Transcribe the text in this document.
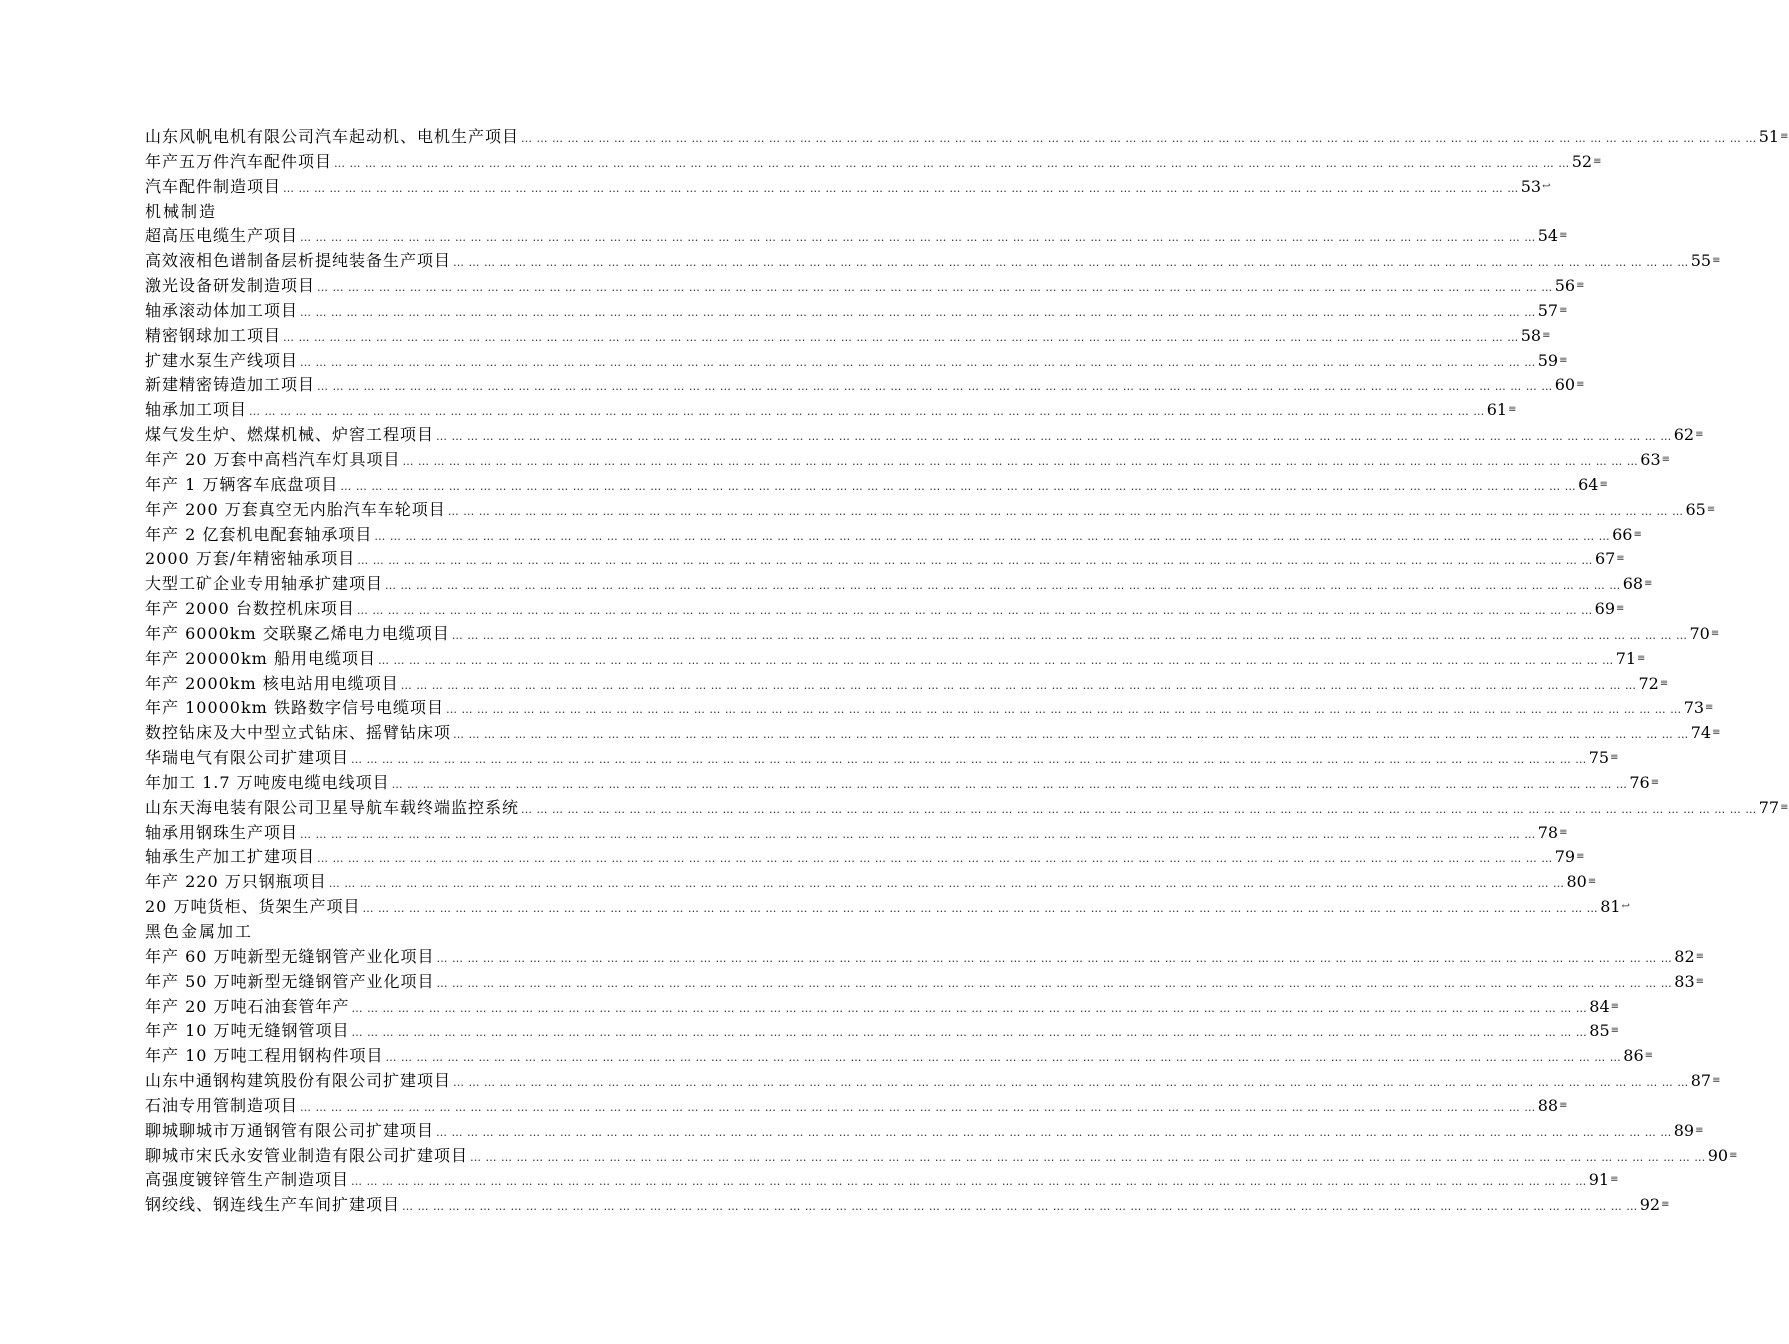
山东风帆电机有限公司汽车起动机、电机生产项目 … … … … … … … … … … … … … … … … … … … … … … … … … … … … … … … … … … … … … … … … … … … … … … … … … … … … … … … … … … … … … … … … … … … … … … … … … … … … … … … … 51 ≡
年产五万件汽车配件项目 … … … … … … … … … … … … … … … … … … … … … … … … … … … … … … … … … … … … … … … … … … … … … … … … … … … … … … … … … … … … … … … … … … … … … … … … … … … … … … … … 52 ≡
汽车配件制造项目 … … … … … … … … … … … … … … … … … … … … … … … … … … … … … … … … … … … … … … … … … … … … … … … … … … … … … … … … … … … … … … … … … … … … … … … … … … … … … … … … 53 ↩
机械制造
超高压电缆生产项目 … … … … … … … … … … … … … … … … … … … … … … … … … … … … … … … … … … … … … … … … … … … … … … … … … … … … … … … … … … … … … … … … … … … … … … … … … … … … … … … … 54 ≡
高效液相色谱制备层析提纯装备生产项目 … … … … … … … … … … … … … … … … … … … … … … … … … … … … … … … … … … … … … … … … … … … … … … … … … … … … … … … … … … … … … … … … … … … … … … … … … … … … … … … … 55 ≡
激光设备研发制造项目 … … … … … … … … … … … … … … … … … … … … … … … … … … … … … … … … … … … … … … … … … … … … … … … … … … … … … … … … … … … … … … … … … … … … … … … … … … … … … … … … 56 ≡
轴承滚动体加工项目 … … … … … … … … … … … … … … … … … … … … … … … … … … … … … … … … … … … … … … … … … … … … … … … … … … … … … … … … … … … … … … … … … … … … … … … … … … … … … … … … 57 ≡
精密钢球加工项目 … … … … … … … … … … … … … … … … … … … … … … … … … … … … … … … … … … … … … … … … … … … … … … … … … … … … … … … … … … … … … … … … … … … … … … … … … … … … … … … … 58 ≡
扩建水泵生产线项目 … … … … … … … … … … … … … … … … … … … … … … … … … … … … … … … … … … … … … … … … … … … … … … … … … … … … … … … … … … … … … … … … … … … … … … … … … … … … … … … … 59 ≡
新建精密铸造加工项目 … … … … … … … … … … … … … … … … … … … … … … … … … … … … … … … … … … … … … … … … … … … … … … … … … … … … … … … … … … … … … … … … … … … … … … … … … … … … … … … … 60 ≡
轴承加工项目 … … … … … … … … … … … … … … … … … … … … … … … … … … … … … … … … … … … … … … … … … … … … … … … … … … … … … … … … … … … … … … … … … … … … … … … … … … … … … … … … 61 ≡
煤气发生炉、燃煤机械、炉窖工程项目 … … … … … … … … … … … … … … … … … … … … … … … … … … … … … … … … … … … … … … … … … … … … … … … … … … … … … … … … … … … … … … … … … … … … … … … … … … … … … … … … 62 ≡
年产 20 万套中高档汽车灯具项目 … … … … … … … … … … … … … … … … … … … … … … … … … … … … … … … … … … … … … … … … … … … … … … … … … … … … … … … … … … … … … … … … … … … … … … … … … … … … … … … … 63 ≡
年产 1 万辆客车底盘项目 … … … … … … … … … … … … … … … … … … … … … … … … … … … … … … … … … … … … … … … … … … … … … … … … … … … … … … … … … … … … … … … … … … … … … … … … … … … … … … … … 64 ≡
年产 200 万套真空无内胎汽车车轮项目 … … … … … … … … … … … … … … … … … … … … … … … … … … … … … … … … … … … … … … … … … … … … … … … … … … … … … … … … … … … … … … … … … … … … … … … … … … … … … … … … 65 ≡
年产 2 亿套机电配套轴承项目 … … … … … … … … … … … … … … … … … … … … … … … … … … … … … … … … … … … … … … … … … … … … … … … … … … … … … … … … … … … … … … … … … … … … … … … … … … … … … … … … 66 ≡
2000 万套/年精密轴承项目 … … … … … … … … … … … … … … … … … … … … … … … … … … … … … … … … … … … … … … … … … … … … … … … … … … … … … … … … … … … … … … … … … … … … … … … … … … … … … … … … 67 ≡
大型工矿企业专用轴承扩建项目 … … … … … … … … … … … … … … … … … … … … … … … … … … … … … … … … … … … … … … … … … … … … … … … … … … … … … … … … … … … … … … … … … … … … … … … … … … … … … … … … 68 ≡
年产 2000 台数控机床项目 … … … … … … … … … … … … … … … … … … … … … … … … … … … … … … … … … … … … … … … … … … … … … … … … … … … … … … … … … … … … … … … … … … … … … … … … … … … … … … … … 69 ≡
年产 6000km 交联聚乙烯电力电缆项目 … … … … … … … … … … … … … … … … … … … … … … … … … … … … … … … … … … … … … … … … … … … … … … … … … … … … … … … … … … … … … … … … … … … … … … … … … … … … … … … … 70 ≡
年产 20000km 船用电缆项目 … … … … … … … … … … … … … … … … … … … … … … … … … … … … … … … … … … … … … … … … … … … … … … … … … … … … … … … … … … … … … … … … … … … … … … … … … … … … … … … … 71 ≡
年产 2000km 核电站用电缆项目 … … … … … … … … … … … … … … … … … … … … … … … … … … … … … … … … … … … … … … … … … … … … … … … … … … … … … … … … … … … … … … … … … … … … … … … … … … … … … … … … 72 ≡
年产 10000km 铁路数字信号电缆项目 … … … … … … … … … … … … … … … … … … … … … … … … … … … … … … … … … … … … … … … … … … … … … … … … … … … … … … … … … … … … … … … … … … … … … … … … … … … … … … … … 73 ≡
数控钻床及大中型立式钻床、摇臂钻床项 … … … … … … … … … … … … … … … … … … … … … … … … … … … … … … … … … … … … … … … … … … … … … … … … … … … … … … … … … … … … … … … … … … … … … … … … … … … … … … … … 74 ≡
华瑞电气有限公司扩建项目 … … … … … … … … … … … … … … … … … … … … … … … … … … … … … … … … … … … … … … … … … … … … … … … … … … … … … … … … … … … … … … … … … … … … … … … … … … … … … … … … 75 ≡
年加工 1.7 万吨废电缆电线项目 … … … … … … … … … … … … … … … … … … … … … … … … … … … … … … … … … … … … … … … … … … … … … … … … … … … … … … … … … … … … … … … … … … … … … … … … … … … … … … … … 76 ≡
山东天海电装有限公司卫星导航车载终端监控系统 … … … … … … … … … … … … … … … … … … … … … … … … … … … … … … … … … … … … … … … … … … … … … … … … … … … … … … … … … … … … … … … … … … … … … … … … … … … … … … … … 77 ≡
轴承用钢珠生产项目 … … … … … … … … … … … … … … … … … … … … … … … … … … … … … … … … … … … … … … … … … … … … … … … … … … … … … … … … … … … … … … … … … … … … … … … … … … … … … … … … 78 ≡
轴承生产加工扩建项目 … … … … … … … … … … … … … … … … … … … … … … … … … … … … … … … … … … … … … … … … … … … … … … … … … … … … … … … … … … … … … … … … … … … … … … … … … … … … … … … … 79 ≡
年产 220 万只钢瓶项目 … … … … … … … … … … … … … … … … … … … … … … … … … … … … … … … … … … … … … … … … … … … … … … … … … … … … … … … … … … … … … … … … … … … … … … … … … … … … … … … … 80 ≡
20 万吨货柜、货架生产项目 … … … … … … … … … … … … … … … … … … … … … … … … … … … … … … … … … … … … … … … … … … … … … … … … … … … … … … … … … … … … … … … … … … … … … … … … … … … … … … … … 81 ↩
黑色金属加工
年产 60 万吨新型无缝钢管产业化项目 … … … … … … … … … … … … … … … … … … … … … … … … … … … … … … … … … … … … … … … … … … … … … … … … … … … … … … … … … … … … … … … … … … … … … … … … … … … … … … … … 82 ≡
年产 50 万吨新型无缝钢管产业化项目 … … … … … … … … … … … … … … … … … … … … … … … … … … … … … … … … … … … … … … … … … … … … … … … … … … … … … … … … … … … … … … … … … … … … … … … … … … … … … … … … 83 ≡
年产 20 万吨石油套管年产 … … … … … … … … … … … … … … … … … … … … … … … … … … … … … … … … … … … … … … … … … … … … … … … … … … … … … … … … … … … … … … … … … … … … … … … … … … … … … … … … 84 ≡
年产 10 万吨无缝钢管项目 … … … … … … … … … … … … … … … … … … … … … … … … … … … … … … … … … … … … … … … … … … … … … … … … … … … … … … … … … … … … … … … … … … … … … … … … … … … … … … … … 85 ≡
年产 10 万吨工程用钢构件项目 … … … … … … … … … … … … … … … … … … … … … … … … … … … … … … … … … … … … … … … … … … … … … … … … … … … … … … … … … … … … … … … … … … … … … … … … … … … … … … … … 86 ≡
山东中通钢构建筑股份有限公司扩建项目 … … … … … … … … … … … … … … … … … … … … … … … … … … … … … … … … … … … … … … … … … … … … … … … … … … … … … … … … … … … … … … … … … … … … … … … … … … … … … … … … 87 ≡
石油专用管制造项目 … … … … … … … … … … … … … … … … … … … … … … … … … … … … … … … … … … … … … … … … … … … … … … … … … … … … … … … … … … … … … … … … … … … … … … … … … … … … … … … … 88 ≡
聊城聊城市万通钢管有限公司扩建项目 … … … … … … … … … … … … … … … … … … … … … … … … … … … … … … … … … … … … … … … … … … … … … … … … … … … … … … … … … … … … … … … … … … … … … … … … … … … … … … … … 89 ≡
聊城市宋氏永安管业制造有限公司扩建项目 … … … … … … … … … … … … … … … … … … … … … … … … … … … … … … … … … … … … … … … … … … … … … … … … … … … … … … … … … … … … … … … … … … … … … … … … … … … … … … … … 90 ≡
高强度镀锌管生产制造项目 … … … … … … … … … … … … … … … … … … … … … … … … … … … … … … … … … … … … … … … … … … … … … … … … … … … … … … … … … … … … … … … … … … … … … … … … … … … … … … … … 91 ≡
钢绞线、钢连线生产车间扩建项目 … … … … … … … … … … … … … … … … … … … … … … … … … … … … … … … … … … … … … … … … … … … … … … … … … … … … … … … … … … … … … … … … … … … … … … … … … … … … … … … … 92 ≡
